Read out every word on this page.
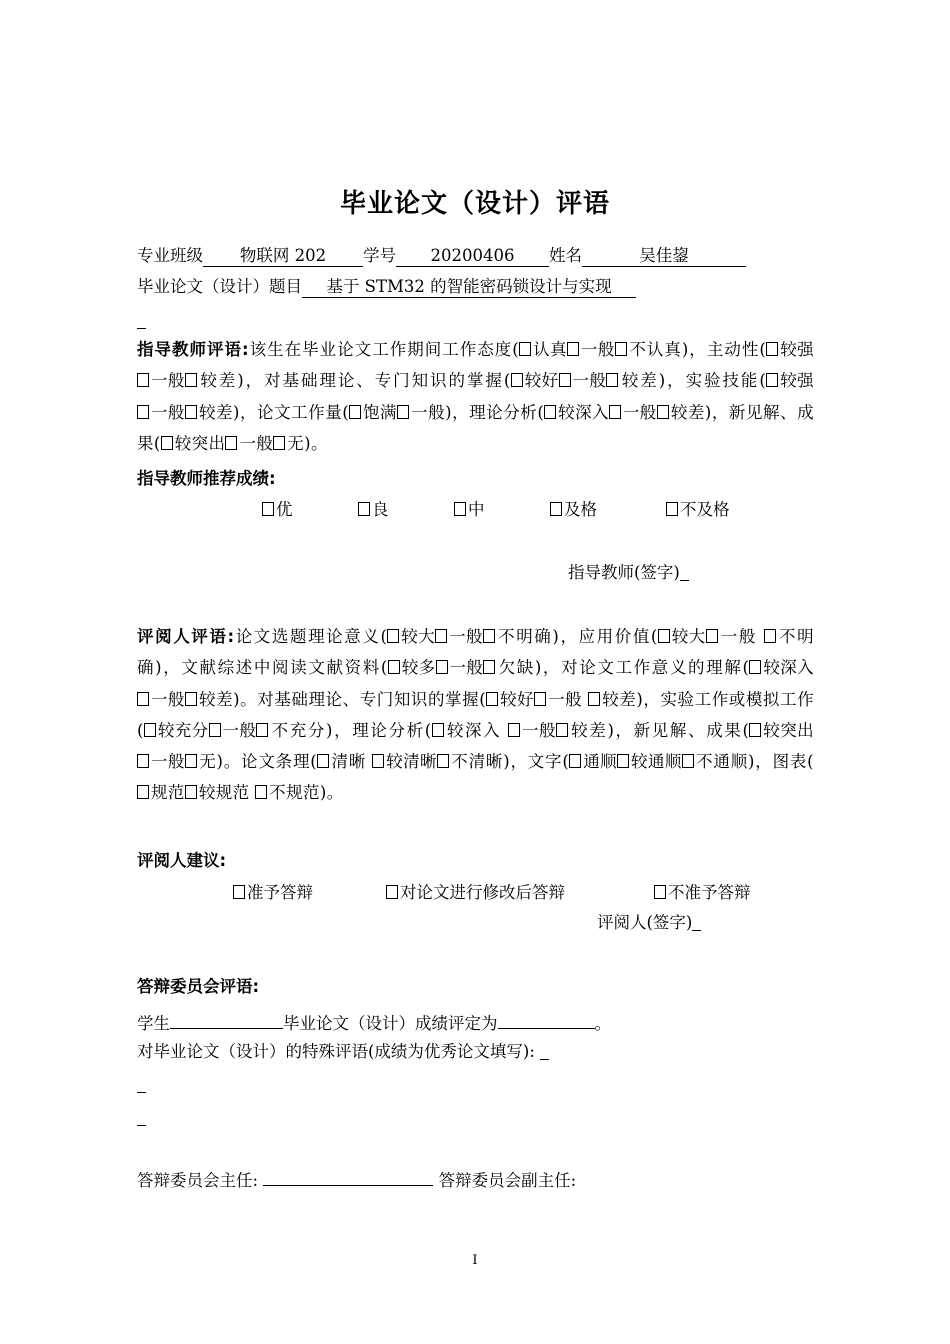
毕业论文（设计）评语
专业班级 物联网 202 学号 20200406 姓名	吴佳鋆
毕业论文（设计）题目 基于 STM32 的智能密码锁设计与实现
指导教师评语:该生在毕业论文工作期间工作态度( 认真一般不认真)，主动性( 较强一般较差)，对基础理论、专门知识的掌握( 较好一般 较差)，实验技能( 较强一般较差)，论文工作量( 饱满一般)，理论分析( 较深入一般较差)，新见解、成果( 较突出一般无)。
指导教师推荐成绩:
优	良	中	及格	不及格
指导教师(签字)
评阅人评语:论文选题理论意义( 较大一般不明确)，应用价值( 较大一般 不明确)，文献综述中阅读文献资料( 较多一般欠缺)，对论文工作意义的理解( 较深入一般较差)。对基础理论、专门知识的掌握( 较好 一般 较差)，实验工作或模拟工作( 较充分一般不充分)，理论分析( 较深入 一般较差)，新见解、成果( 较突出一般无)。论文条理( 清晰 较清晰不清晰)，文字( 通顺较通顺不通顺)，图表(规范较规范 不规范)。
评阅人建议:
准予答辩	对论文进行修改后答辩	不准予答辩
评阅人(签字)
答辩委员会评语:
学生	毕业论文（设计）成绩评定为	。
对毕业论文（设计）的特殊评语(成绩为优秀论文填写):
答辩委员会主任:	答辩委员会副主任:
I
